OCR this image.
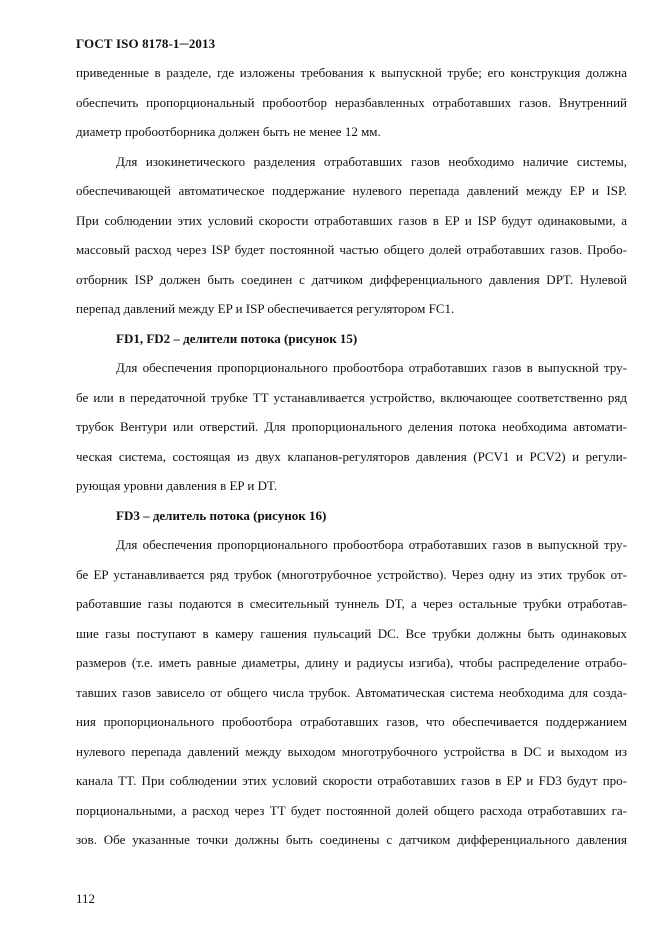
ГОСТ ISO 8178-1─2013
приведенные в разделе, где изложены требования к выпускной трубе; его конструкция должна
обеспечить пропорциональный пробоотбор неразбавленных отработавших газов. Внутренний
диаметр пробоотборника должен быть не менее 12 мм.
Для изокинетического разделения отработавших газов необходимо наличие системы,
обеспечивающей автоматическое поддержание нулевого перепада давлений между EP и ISP.
При соблюдении этих условий скорости отработавших газов в EP и ISP будут одинаковыми, а
массовый расход через ISP будет постоянной частью общего долей отработавших газов. Пробо-
отборник ISP должен быть соединен с датчиком дифференциального давления DPT. Нулевой
перепад давлений между EP и ISP обеспечивается регулятором FC1.
FD1, FD2 – делители потока (рисунок 15)
Для обеспечения пропорционального пробоотбора отработавших газов в выпускной тру-
бе или в передаточной трубке TT устанавливается устройство, включающее соответственно ряд
трубок Вентури или отверстий. Для пропорционального деления потока необходима автомати-
ческая система, состоящая из двух клапанов-регуляторов давления (PCV1 и PCV2) и регули-
рующая уровни давления в EP и DT.
FD3 – делитель потока (рисунок 16)
Для обеспечения пропорционального пробоотбора отработавших газов в выпускной тру-
бе EP устанавливается ряд трубок (многотрубочное устройство). Через одну из этих трубок от-
работавшие газы подаются в смесительный туннель DT, а через остальные трубки отработав-
шие газы поступают в камеру гашения пульсаций DC. Все трубки должны быть одинаковых
размеров (т.е. иметь равные диаметры, длину и радиусы изгиба), чтобы распределение отрабо-
тавших газов зависело от общего числа трубок. Автоматическая система необходима для созда-
ния пропорционального пробоотбора отработавших газов, что обеспечивается поддержанием
нулевого перепада давлений между выходом многотрубочного устройства в DC и выходом из
канала TT. При соблюдении этих условий скорости отработавших газов в EP и FD3 будут про-
порциональными, а расход через TT будет постоянной долей общего расхода отработавших га-
зов. Обе указанные точки должны быть соединены с датчиком дифференциального давления
112
